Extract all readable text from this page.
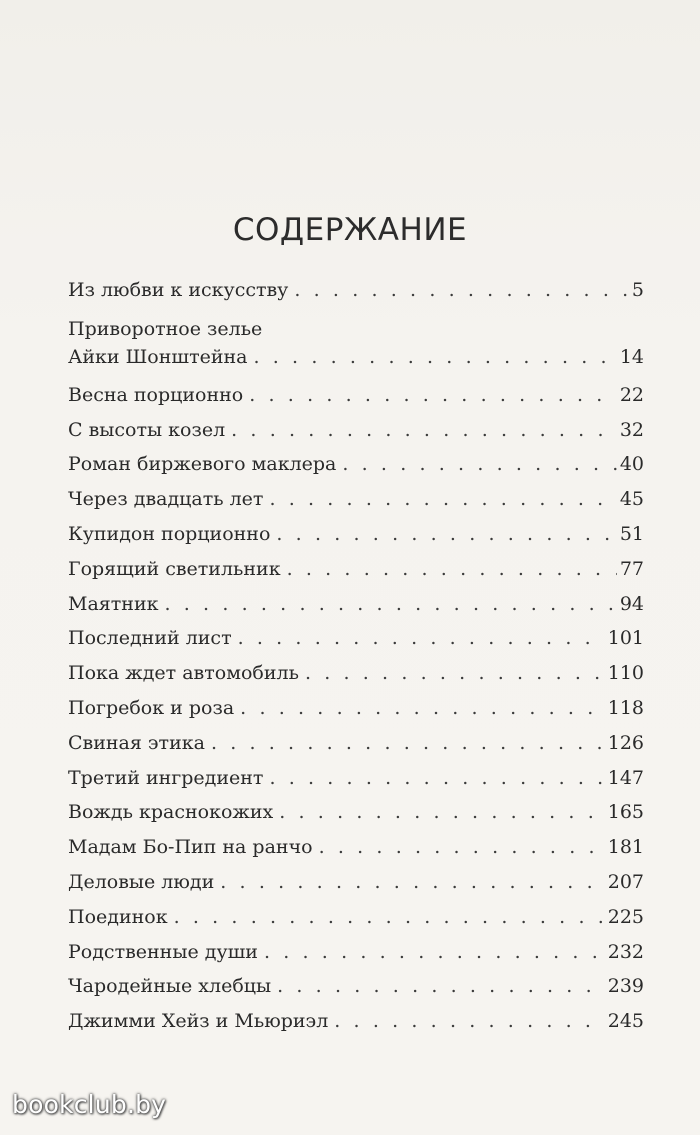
СОДЕРЖАНИЕ
Из любви к искусству . . .	5
Приворотное зелье
Айки Шонштейна . . .	14
Весна порционно . . .	22
С высоты козел . . .	32
Роман биржевого маклера . . .	40
Через двадцать лет . . .	45
Купидон порционно . . .	51
Горящий светильник . . .	77
Маятник . . .	94
Последний лист . . .	101
Пока ждет автомобиль . . .	110
Погребок и роза . . .	118
Свиная этика . . .	126
Третий ингредиент . . .	147
Вождь краснокожих . . .	165
Мадам Бо-Пип на ранчо . . .	181
Деловые люди . . .	207
Поединок . . .	225
Родственные души . . .	232
Чародейные хлебцы . . .	239
Джимми Хейз и Мьюриэл . . .	245
bookclub.by
